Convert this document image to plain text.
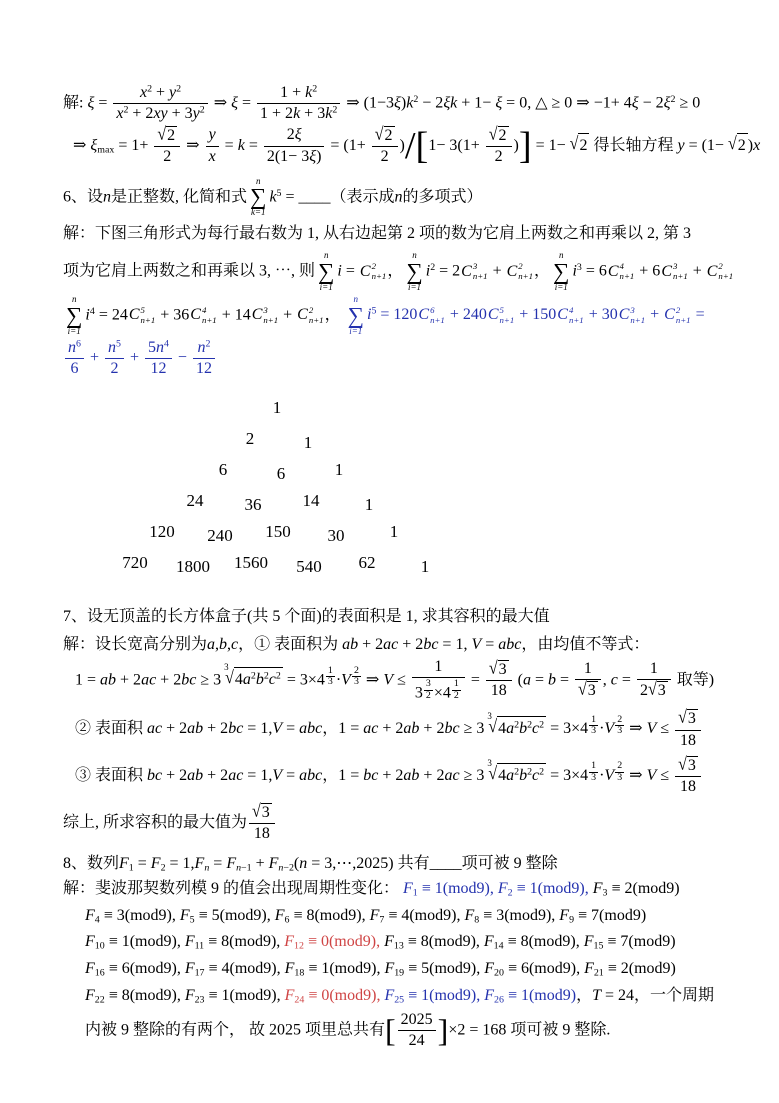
解: $\xi = \frac{x^2 + y^2}{x^2 + 2xy + 3y^2}$ ⇒ $\xi = \frac{1 + k^2}{1 + 2k + 3k^2}$ ⇒ $(1-3\xi)k^2 - 2\xi k + 1- \xi = 0$, △ ≥ 0 ⇒ $-1+ 4\xi - 2\xi^2 \ge 0$
⇒ $\xi_{max} = 1+ \frac{√2}{2}$ ⇒ $\frac{y}{x} = k = \frac{2\xi}{2(1- 3\xi)} = (1+ \frac{√2}{2} )/[1- 3(1+ \frac{√2}{2}$ )] = 1− √2 得长轴方程 y = (1− √2 )x
6、设n是正整数, 化简和式
n
∑
k=1
$k^5$ = ____（表示成n的多项式）
解：下图三角形式为每行最右数为 1, 从右边起第 2 项的数为它肩上两数之和再乘以 2, 第 3
项为它肩上两数之和再乘以 3, ⋯, 则
n
∑
i=1
i = C 2
n+1 ，
n
∑
i=1
$i^2 = 2$ C 3
n+1 + C 2
n+1 ，
n
∑
i=1
$i^3 = 6$ C 4
n+1 + 6 C 3
n+1 + C 2
n+1
n
∑
i=1
$i^4 = 24$ C 5
n+1 + 36 C 4
n+1 + 14 C 3
n+1 + C 2
n+1 ，
n
∑
i=1
$i^5 = 120$ C 6
n+1 + 240 C 5
n+1 + 150 C 4
n+1 + 30 C 3
n+1 + C 2
n+1 =
$\frac{n^6}{6} + \frac{n^5}{2} + \frac{5n^4}{12} - \frac{n^2}{12}$
1
2	1
6	6	1
24	36	14	1
120	240	150	30	1
720	1800	1560	540	62	1
7、设无顶盖的长方体盒子(共 5 个面)的表面积是 1, 求其容积的最大值
解：设长宽高分别为a,b,c，① 表面积为 ab + 2ac + 2bc = 1, V = abc，由均值不等式：
1 = ab + 2ac + 2bc ≥ 3
3
$√4a^2b^2c^2 = 3\times 4$ $^{\frac{1}{3}}$ ·V $^{\frac{2}{3}}$ ⇒ V ≤ 1
3 $^{\frac{3}{2}}$ ×4 $^{\frac{1}{2}} = \frac{√3}{18} (a = b = \frac{1}{√3}$ , $c = \frac{1}{2√3}$ 取等)
② 表面积 ac + 2ab + 2bc = 1,V = abc，1 = ac + 2ab + 2bc ≥ 3
3
$√4a^2b^2c^2 = 3\times 4$ $^{\frac{1}{3}}$ ·V $^{\frac{2}{3}}$ ⇒ $V \le \frac{√3}{18}$
③ 表面积 bc + 2ab + 2ac = 1,V = abc，1 = bc + 2ab + 2ac ≥ 3
3
$√4a^2b^2c^2 = 3\times 4$ $^{\frac{1}{3}}$ ·V $^{\frac{2}{3}}$ ⇒ $V \le \frac{√3}{18}$
综上, 所求容积的最大值为 $\frac{√3}{18}$
8、数列$F_1 = F_2 = 1,F_n = F_{n-1} + F_{n-2}(n$ = 3,⋯,2025) 共有____项可被 9 整除
解：斐波那契数列模 9 的值会出现周期性变化： $F_1 \equiv 1(mod9)$, $F_2 \equiv 1(mod9)$, $F_3 \equiv 2(mod9)$
$F_4 \equiv 3(mod9)$, $F_5 \equiv 5(mod9)$, $F_6 \equiv 8(mod9)$, $F_7 \equiv 4(mod9)$, $F_8 \equiv 3(mod9)$, $F_9 \equiv 7(mod9)$
$F_{10} \equiv 1(mod9)$, $F_{11} \equiv 8(mod9)$, $F_{12} \equiv 0(mod9)$, $F_{13} \equiv 8(mod9)$, $F_{14} \equiv 8(mod9)$, $F_{15} \equiv 7(mod9)$
$F_{16} \equiv 6(mod9)$, $F_{17} \equiv 4(mod9)$, $F_{18} \equiv 1(mod9)$, $F_{19} \equiv 5(mod9)$, $F_{20} \equiv 6(mod9)$, $F_{21} \equiv 2(mod9)$
$F_{22} \equiv 8(mod9)$, $F_{23} \equiv 1(mod9)$, $F_{24} \equiv 0(mod9)$, $F_{25} \equiv 1(mod9)$, $F_{26} \equiv 1(mod9)$，T = 24，一个周期
内被 9 整除的有两个， 故 2025 项里总共有[ $\frac{2025}{24} ]\times 2 = 168$ 项可被 9 整除.
